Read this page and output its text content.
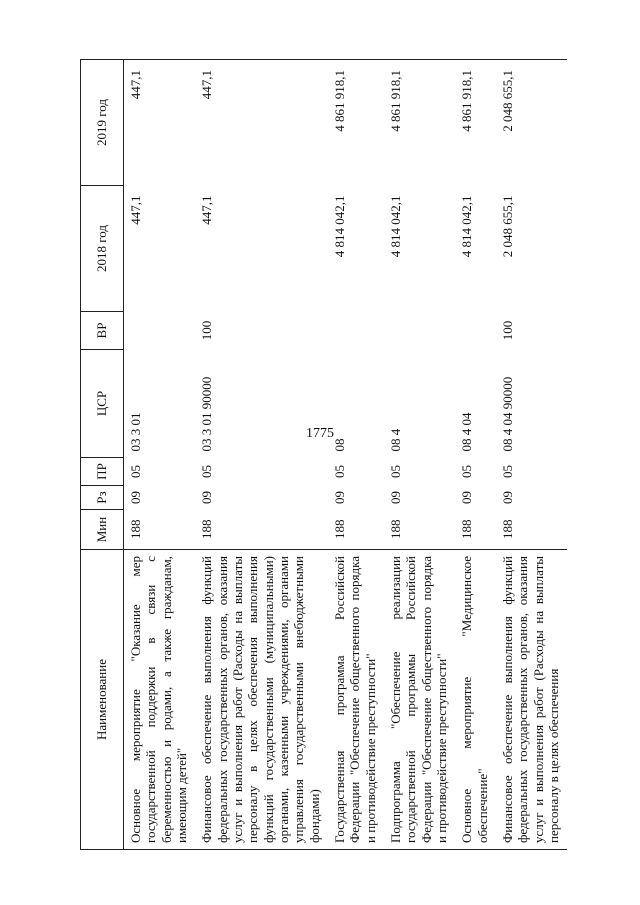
1775
Наименование	Мин	Рз	ПР	ЦСР	ВР	2018 год	2019 год
Основное мероприятие "Оказание мер государственной поддержки в связи с беременностью и родами, а также гражданам, имеющим детей"	188	09	05	03 3 01		447,1	447,1
Финансовое обеспечение выполнения функций федеральных государственных органов, оказания услуг и выполнения работ (Расходы на выплаты персоналу в целях обеспечения выполнения функций государственными (муниципальными) органами, казенными учреждениями, органами управления государственными внебюджетными фондами)	188	09	05	03 3 01 90000	100	447,1	447,1
Государственная программа Российской Федерации "Обеспечение общественного порядка и противодействие преступности"	188	09	05	08		4 814 042,1	4 861 918,1
Подпрограмма "Обеспечение реализации государственной программы Российской Федерации "Обеспечение общественного порядка и противодействие преступности"	188	09	05	08 4		4 814 042,1	4 861 918,1
Основное мероприятие "Медицинское обеспечение"	188	09	05	08 4 04		4 814 042,1	4 861 918,1
Финансовое обеспечение выполнения функций федеральных государственных органов, оказания услуг и выполнения работ (Расходы на выплаты персоналу в целях обеспечения	188	09	05	08 4 04 90000	100	2 048 655,1	2 048 655,1
